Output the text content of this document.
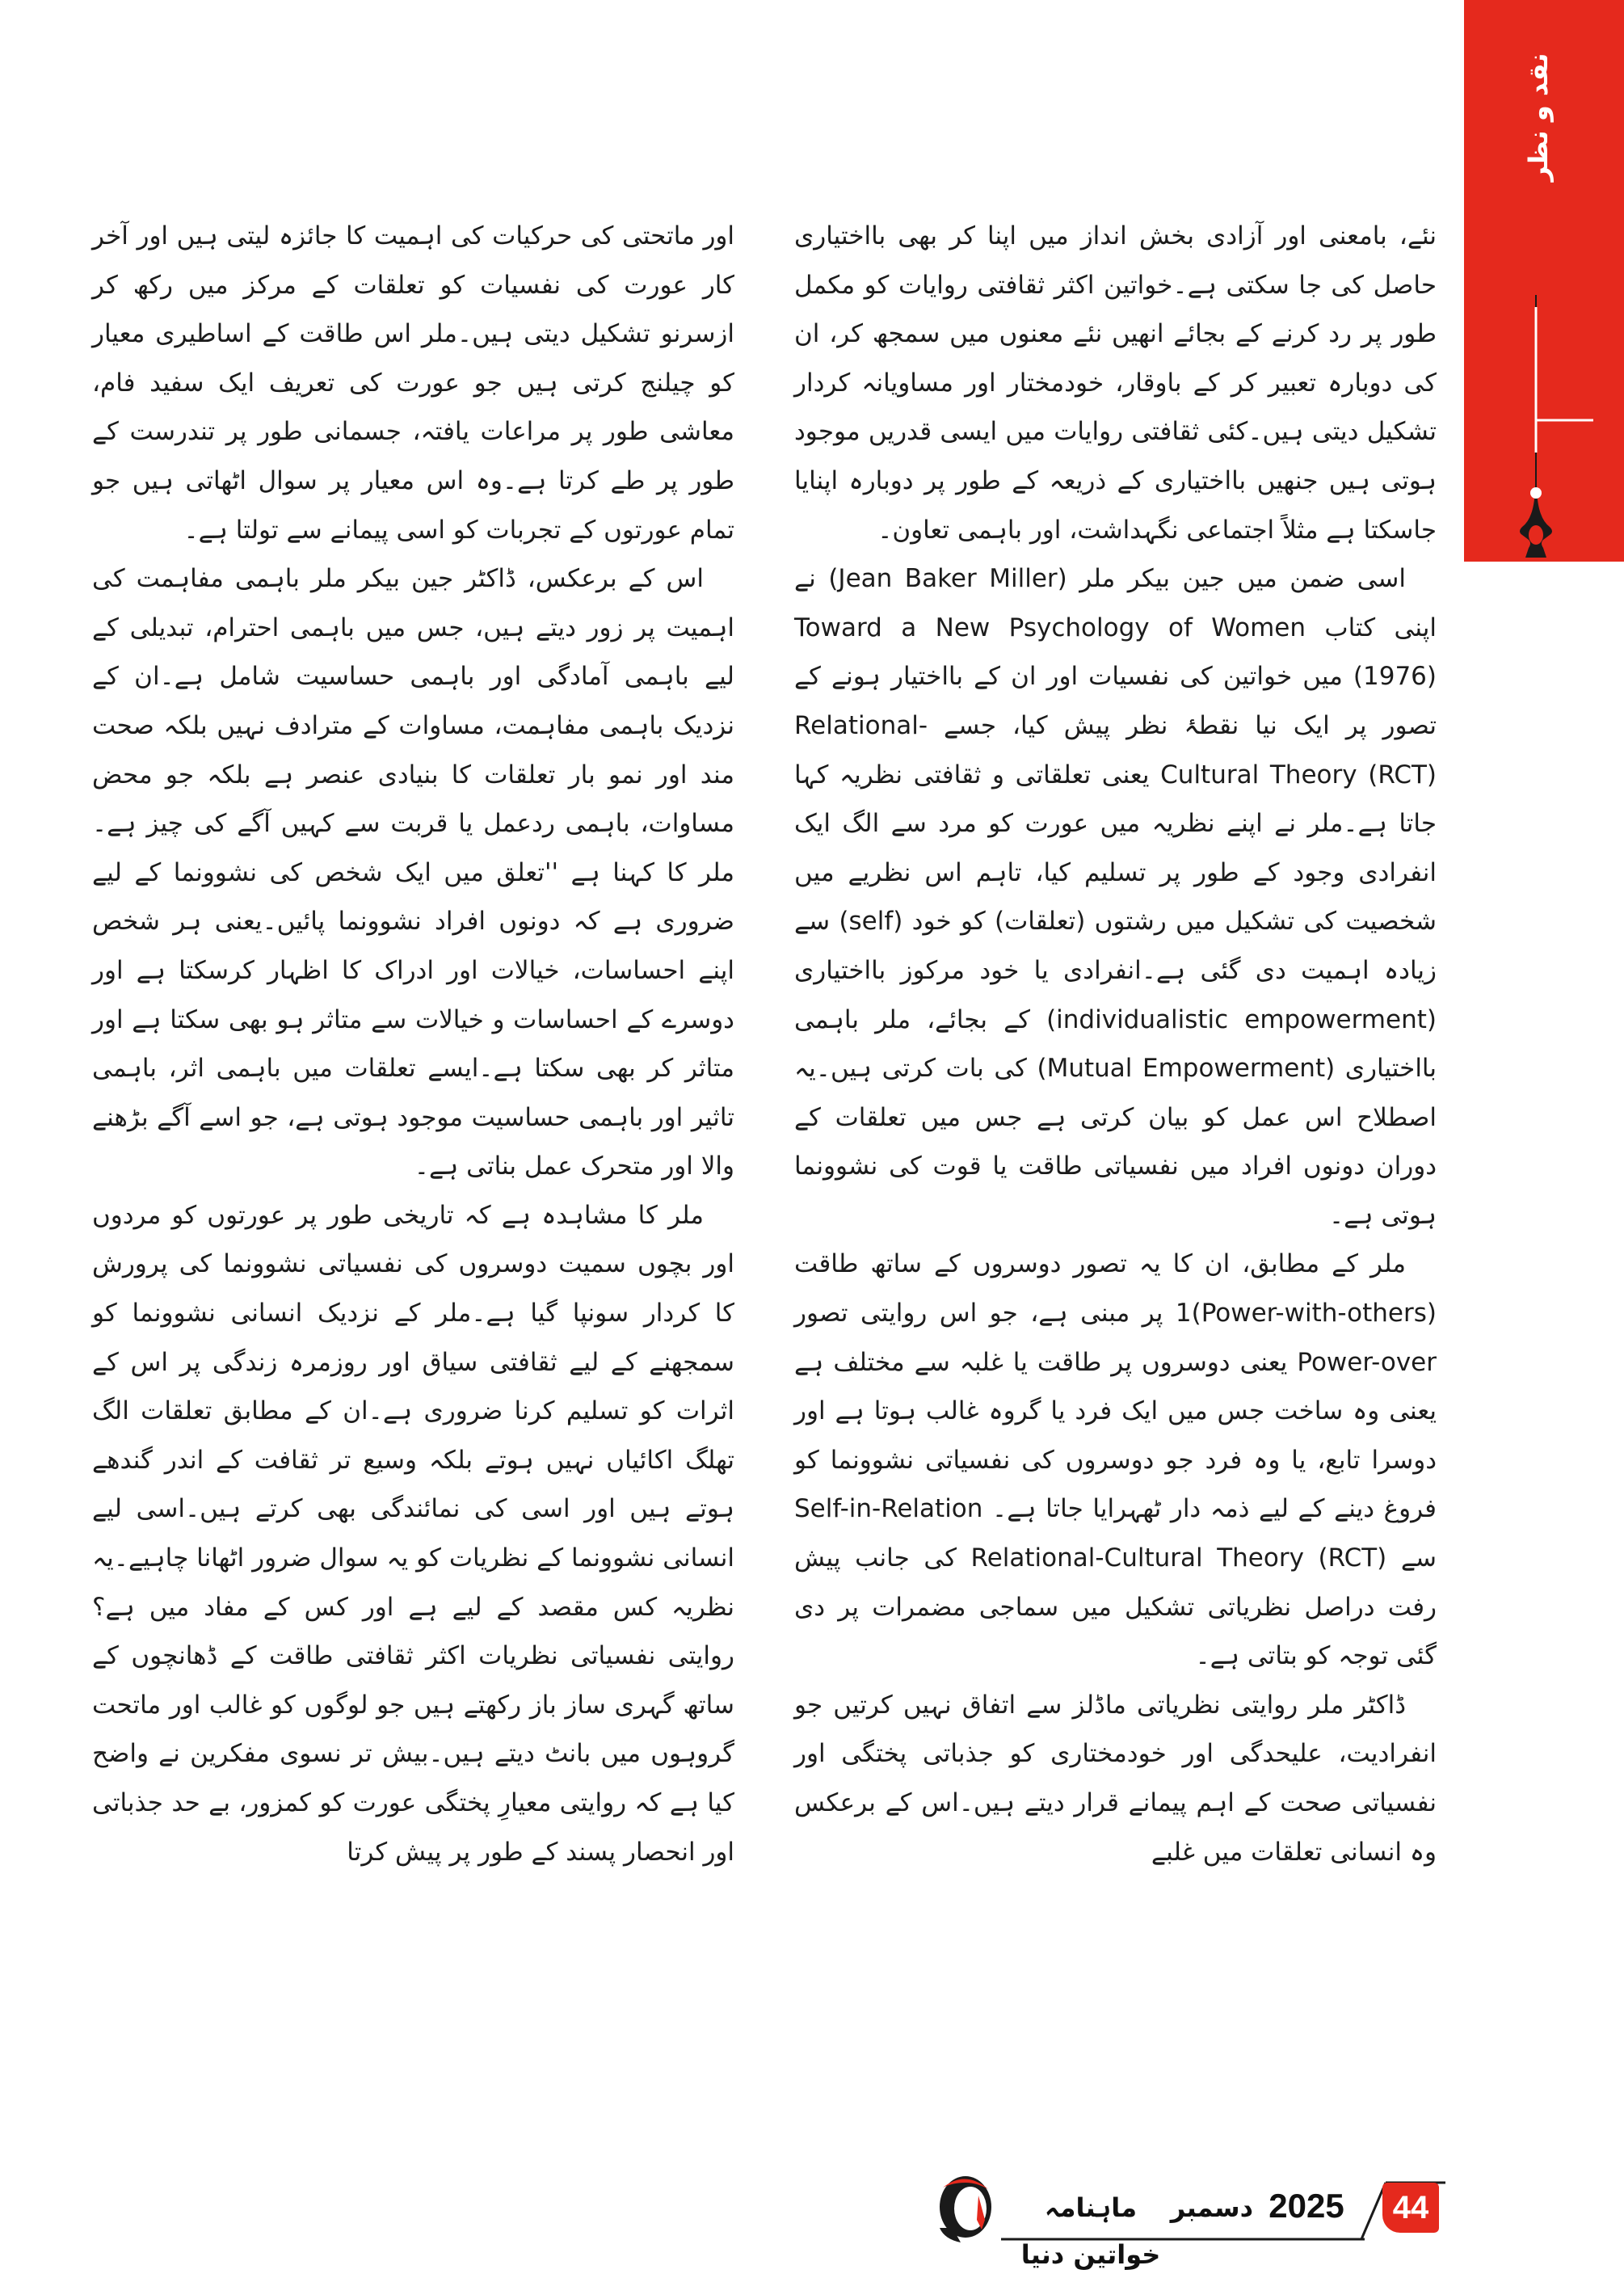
نقد و نظر

نئے، بامعنی اور آزادی بخش انداز میں اپنا کر بھی بااختیاری حاصل کی جا سکتی ہے۔خواتین اکثر ثقافتی روایات کو مکمل طور پر رد کرنے کے بجائے انھیں نئے معنوں میں سمجھ کر، ان کی دوبارہ تعبیر کر کے باوقار، خودمختار اور مساویانہ کردار تشکیل دیتی ہیں۔کئی ثقافتی روایات میں ایسی قدریں موجود ہوتی ہیں جنھیں بااختیاری کے ذریعہ کے طور پر دوبارہ اپنایا جاسکتا ہے مثلاً اجتماعی نگہداشت، اور باہمی تعاون۔

اسی ضمن میں جین بیکر ملر (Jean Baker Miller) نے اپنی کتاب Toward a New Psychology of Women (1976) میں خواتین کی نفسیات اور ان کے بااختیار ہونے کے تصور پر ایک نیا نقطۂ نظر پیش کیا، جسے Relational-Cultural Theory (RCT) یعنی تعلقاتی و ثقافتی نظریہ کہا جاتا ہے۔ملر نے اپنے نظریہ میں عورت کو مرد سے الگ ایک انفرادی وجود کے طور پر تسلیم کیا، تاہم اس نظریے میں شخصیت کی تشکیل میں رشتوں (تعلقات) کو خود (self) سے زیادہ اہمیت دی گئی ہے۔انفرادی یا خود مرکوز بااختیاری (individualistic empowerment) کے بجائے، ملر باہمی بااختیاری (Mutual Empowerment) کی بات کرتی ہیں۔یہ اصطلاح اس عمل کو بیان کرتی ہے جس میں تعلقات کے دوران دونوں افراد میں نفسیاتی طاقت یا قوت کی نشوونما ہوتی ہے۔

ملر کے مطابق، ان کا یہ تصور دوسروں کے ساتھ طاقت (Power-with-others)1 پر مبنی ہے، جو اس روایتی تصور Power-over یعنی دوسروں پر طاقت یا غلبہ سے مختلف ہے یعنی وہ ساخت جس میں ایک فرد یا گروہ غالب ہوتا ہے اور دوسرا تابع، یا وہ فرد جو دوسروں کی نفسیاتی نشوونما کو فروغ دینے کے لیے ذمہ دار ٹھہرایا جاتا ہے۔ Self-in-Relation سے Relational-Cultural Theory (RCT) کی جانب پیش رفت دراصل نظریاتی تشکیل میں سماجی مضمرات پر دی گئی توجہ کو بتاتی ہے۔

ڈاکٹر ملر روایتی نظریاتی ماڈلز سے اتفاق نہیں کرتیں جو انفرادیت، علیحدگی اور خودمختاری کو جذباتی پختگی اور نفسیاتی صحت کے اہم پیمانے قرار دیتے ہیں۔اس کے برعکس وہ انسانی تعلقات میں غلبے

اور ماتحتی کی حرکیات کی اہمیت کا جائزہ لیتی ہیں اور آخر کار عورت کی نفسیات کو تعلقات کے مرکز میں رکھ کر ازسرنو تشکیل دیتی ہیں۔ملر اس طاقت کے اساطیری معیار کو چیلنج کرتی ہیں جو عورت کی تعریف ایک سفید فام، معاشی طور پر مراعات یافتہ، جسمانی طور پر تندرست کے طور پر طے کرتا ہے۔وہ اس معیار پر سوال اٹھاتی ہیں جو تمام عورتوں کے تجربات کو اسی پیمانے سے تولتا ہے۔

اس کے برعکس، ڈاکٹر جین بیکر ملر باہمی مفاہمت کی اہمیت پر زور دیتے ہیں، جس میں باہمی احترام، تبدیلی کے لیے باہمی آمادگی اور باہمی حساسیت شامل ہے۔ان کے نزدیک باہمی مفاہمت، مساوات کے مترادف نہیں بلکہ صحت مند اور نمو بار تعلقات کا بنیادی عنصر ہے بلکہ جو محض مساوات، باہمی ردعمل یا قربت سے کہیں آگے کی چیز ہے۔ملر کا کہنا ہے ''تعلق میں ایک شخص کی نشوونما کے لیے ضروری ہے کہ دونوں افراد نشوونما پائیں۔یعنی ہر شخص اپنے احساسات، خیالات اور ادراک کا اظہار کرسکتا ہے اور دوسرے کے احساسات و خیالات سے متاثر ہو بھی سکتا ہے اور متاثر کر بھی سکتا ہے۔ایسے تعلقات میں باہمی اثر، باہمی تاثیر اور باہمی حساسیت موجود ہوتی ہے، جو اسے آگے بڑھنے والا اور متحرک عمل بناتی ہے۔

ملر کا مشاہدہ ہے کہ تاریخی طور پر عورتوں کو مردوں اور بچوں سمیت دوسروں کی نفسیاتی نشوونما کی پرورش کا کردار سونپا گیا ہے۔ملر کے نزدیک انسانی نشوونما کو سمجھنے کے لیے ثقافتی سیاق اور روزمرہ زندگی پر اس کے اثرات کو تسلیم کرنا ضروری ہے۔ان کے مطابق تعلقات الگ تھلگ اکائیاں نہیں ہوتے بلکہ وسیع تر ثقافت کے اندر گندھے ہوتے ہیں اور اسی کی نمائندگی بھی کرتے ہیں۔اسی لیے انسانی نشوونما کے نظریات کو یہ سوال ضرور اٹھانا چاہیے۔یہ نظریہ کس مقصد کے لیے ہے اور کس کے مفاد میں ہے؟ روایتی نفسیاتی نظریات اکثر ثقافتی طاقت کے ڈھانچوں کے ساتھ گہری ساز باز رکھتے ہیں جو لوگوں کو غالب اور ماتحت گروہوں میں بانٹ دیتے ہیں۔بیش تر نسوی مفکرین نے واضح کیا ہے کہ روایتی معیارِ پختگی عورت کو کمزور، بے حد جذباتی اور انحصار پسند کے طور پر پیش کرتا

ماہنامہ خواتین دنیا
دسمبر 2025	44
